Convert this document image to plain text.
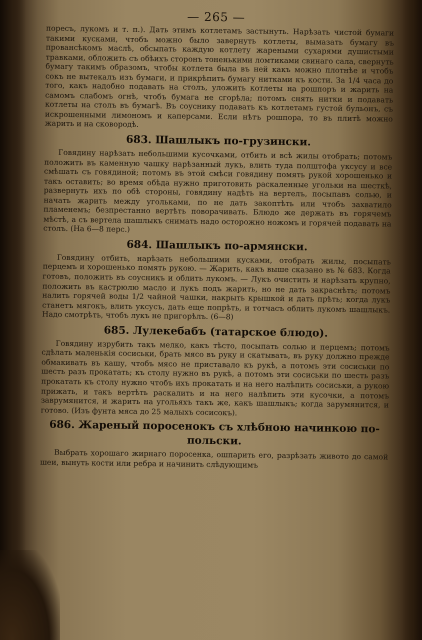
— 265 —

поресъ, лукомъ и т. п.). Дать этимъ котлетамъ застынуть. Нарѣзать чистой бумаги такими кусками, чтобъ можно было завернуть котлеты, вымазать бумагу въ провансѣкомъ маслѣ, обсыпать каждую котлету жареными сухарями душистыми травками, обложить съ обѣихъ сторонъ тоненькими ломтиками свинаго сала, свернуть бумагу такимъ образомъ, чтобы котлета была въ ней какъ можно плотнѣе и чтобъ сокъ не вытекалъ изъ бумаги, и прикрѣпить бумагу нитками къ кости. За 1/4 часа до того, какъ надобно подавать на столъ, уложить котлеты на рошпоръ и жарить на самомъ слабомъ огнѣ, чтобъ бумага не сгорѣла; потомъ снять нитки и подавать котлеты на столъ въ бумагѣ. Въ соуснику подавать къ котлетамъ густой бульонъ, съ искрошенными лимономъ и каперсами. Если нѣтъ рошпора, то въ плитѣ можно жарить и на сковородѣ.

683. Шашлыкъ по-грузински.

Говядину нарѣзать небольшими кусочками, отбить и всѣ жилы отобрать; потомъ положить въ каменную чашку нарѣзанный лукъ, влить туда полштофа уксусу и все смѣшать съ говядиной; потомъ въ этой смѣси говядину помять рукой хорошенько и такъ оставить; во время обѣда нужно приготовить раскаленные угольки на шесткѣ, развернуть ихъ по обѣ стороны, говядину надѣть на вертелъ, посыпавъ солью, и начать жарить между угольками, по не дать закоптѣть или чтобъ захватило пламенемъ; безпрестанно вертѣть поворачивать. Блюдо же держать въ горячемъ мѣстѣ, а съ вертела шашлыкъ снимать надо осторожно ножомъ и горячей подавать на столъ. (На 6—8 перс.)

684. Шашлыкъ по-армянски.

Говядину отбить, нарѣзать небольшими кусками, отобрать жилы, посыпать перцемъ и хорошенько помять рукою. — Жарить, какъ выше сказано въ № 683. Когда готовъ, положить въ соусникъ и облить лукомъ. — Лукъ очистить и нарѣзать крупно, положить въ кастрюлю масло и лукъ подъ жарить, но не дать закраснѣть; потомъ налить горячей воды 1/2 чайной чашки, накрыть крышкой и дать прѣть; когда лукъ станетъ мягокъ, влить уксусъ, дать еще попрѣть, и тотчасъ облить лукомъ шашлыкъ. Надо смотрѣть, чтобъ лукъ не пригорѣлъ. (6—8)

685. Лулекебабъ (татарское блюдо).

Говядину изрубить такъ мелко, какъ тѣсто, посыпать солью и перцемъ; потомъ сдѣлать маленькія сосиськи, брать мясо въ руку и скатывать, въ руку должно прежде обмакивать въ кашу, чтобъ мясо не приставало къ рукѣ, а потомъ эти сосиськи по шесть разъ прокатать; къ столу нужно въ рукѣ, а потомъ эти сосиськи по шесть разъ прокатать къ столу нужно чтобъ ихъ прокатать и на него налѣпить сосиськи, а рукою прижать, и такъ вертѣть раскалить и на него налѣпить эти кусочки, а потомъ заврумянится, и жарить на угольяхъ такъ же, какъ шашлыкъ; когда зарумянится, и готово. (Изъ фунта мяса до 25 малыхъ сосисокъ).

686. Жареный поросенокъ съ хлѣбною начинкою по-польски.

Выбрать хорошаго жирнаго поросенка, ошпарить его, разрѣзать живото до самой шеи, вынуть кости или ребра и начинить слѣдующимъ
